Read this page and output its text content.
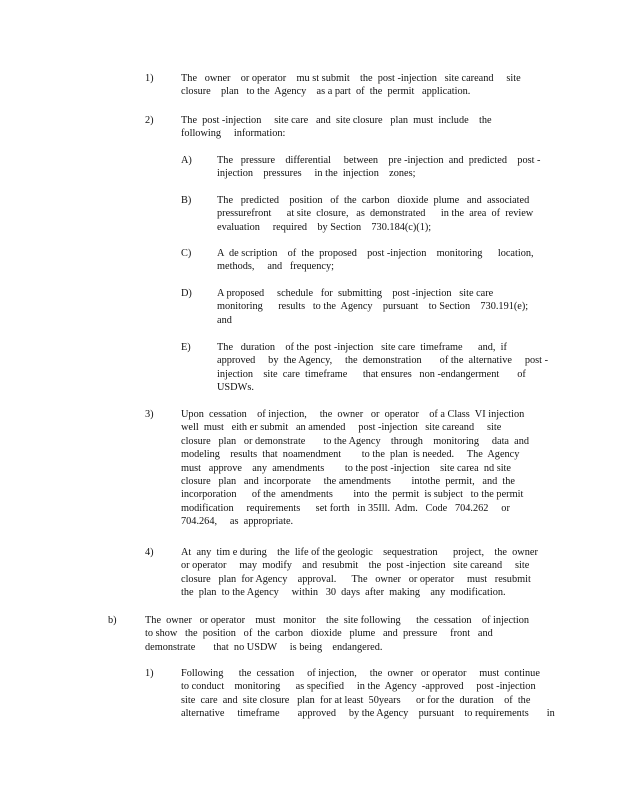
1)	The   owner    or operator    mu st submit    the  post -injection   site careand     site
closure    plan   to the  Agency    as a part  of  the  permit   application.
2)	The  post -injection     site care   and  site closure   plan  must  include    the
following     information:
A) The   pressure    differential     between    pre -injection  and  predicted    post -
injection    pressures     in the  injection    zones;
B) The   predicted    position   of  the  carbon   dioxide  plume   and  associated
pressurefront      at site  closure,   as  demonstrated      in the  area  of  review
evaluation     required    by Section    730.184(c)(1);
C) A  de scription    of  the  proposed    post -injection    monitoring      location,
methods,     and   frequency;
D) A proposed     schedule   for  submitting    post -injection   site care
monitoring      results   to the  Agency    pursuant    to Section    730.191(e);
and
E)	The   duration    of the  post -injection   site care  timeframe      and,  if
approved     by  the Agency,     the  demonstration       of the  alternative     post -
injection    site  care  timeframe      that ensures   non -endangerment       of
USDWs.
3)	Upon  cessation    of injection,     the  owner   or  operator    of a Class  VI injection
well  must   eith er submit   an amended     post -injection   site careand     site
closure   plan   or demonstrate       to the Agency    through    monitoring     data  and
modeling    results  that  noamendment        to the  plan  is needed.     The  Agency
must   approve    any  amendments        to the post -injection    site carea  nd site
closure   plan   and  incorporate     the amendments        intothe  permit,   and  the
incorporation      of the  amendments        into  the  permit  is subject   to the permit
modification     requirements      set forth   in 35Ill.  Adm.   Code   704.262     or
704.264,     as  appropriate.
4)	At  any  tim e during    the  life of the geologic    sequestration      project,    the  owner
or operator     may  modify    and  resubmit    the  post -injection   site careand     site
closure   plan  for Agency    approval.      The   owner   or operator     must   resubmit
the  plan  to the Agency     within   30  days  after  making    any  modification.
b)	The  owner   or operator    must   monitor    the  site following      the  cessation    of injection
to show   the  position   of  the  carbon   dioxide   plume   and  pressure     front   and
demonstrate       that  no USDW     is being    endangered.
1)	Following      the  cessation     of injection,     the  owner   or operator     must  continue
to conduct    monitoring      as specified     in the  Agency  -approved     post -injection
site  care  and  site closure   plan  for at least  50years      or for the  duration    of  the
alternative     timeframe       approved     by the Agency    pursuant    to requirements       in
